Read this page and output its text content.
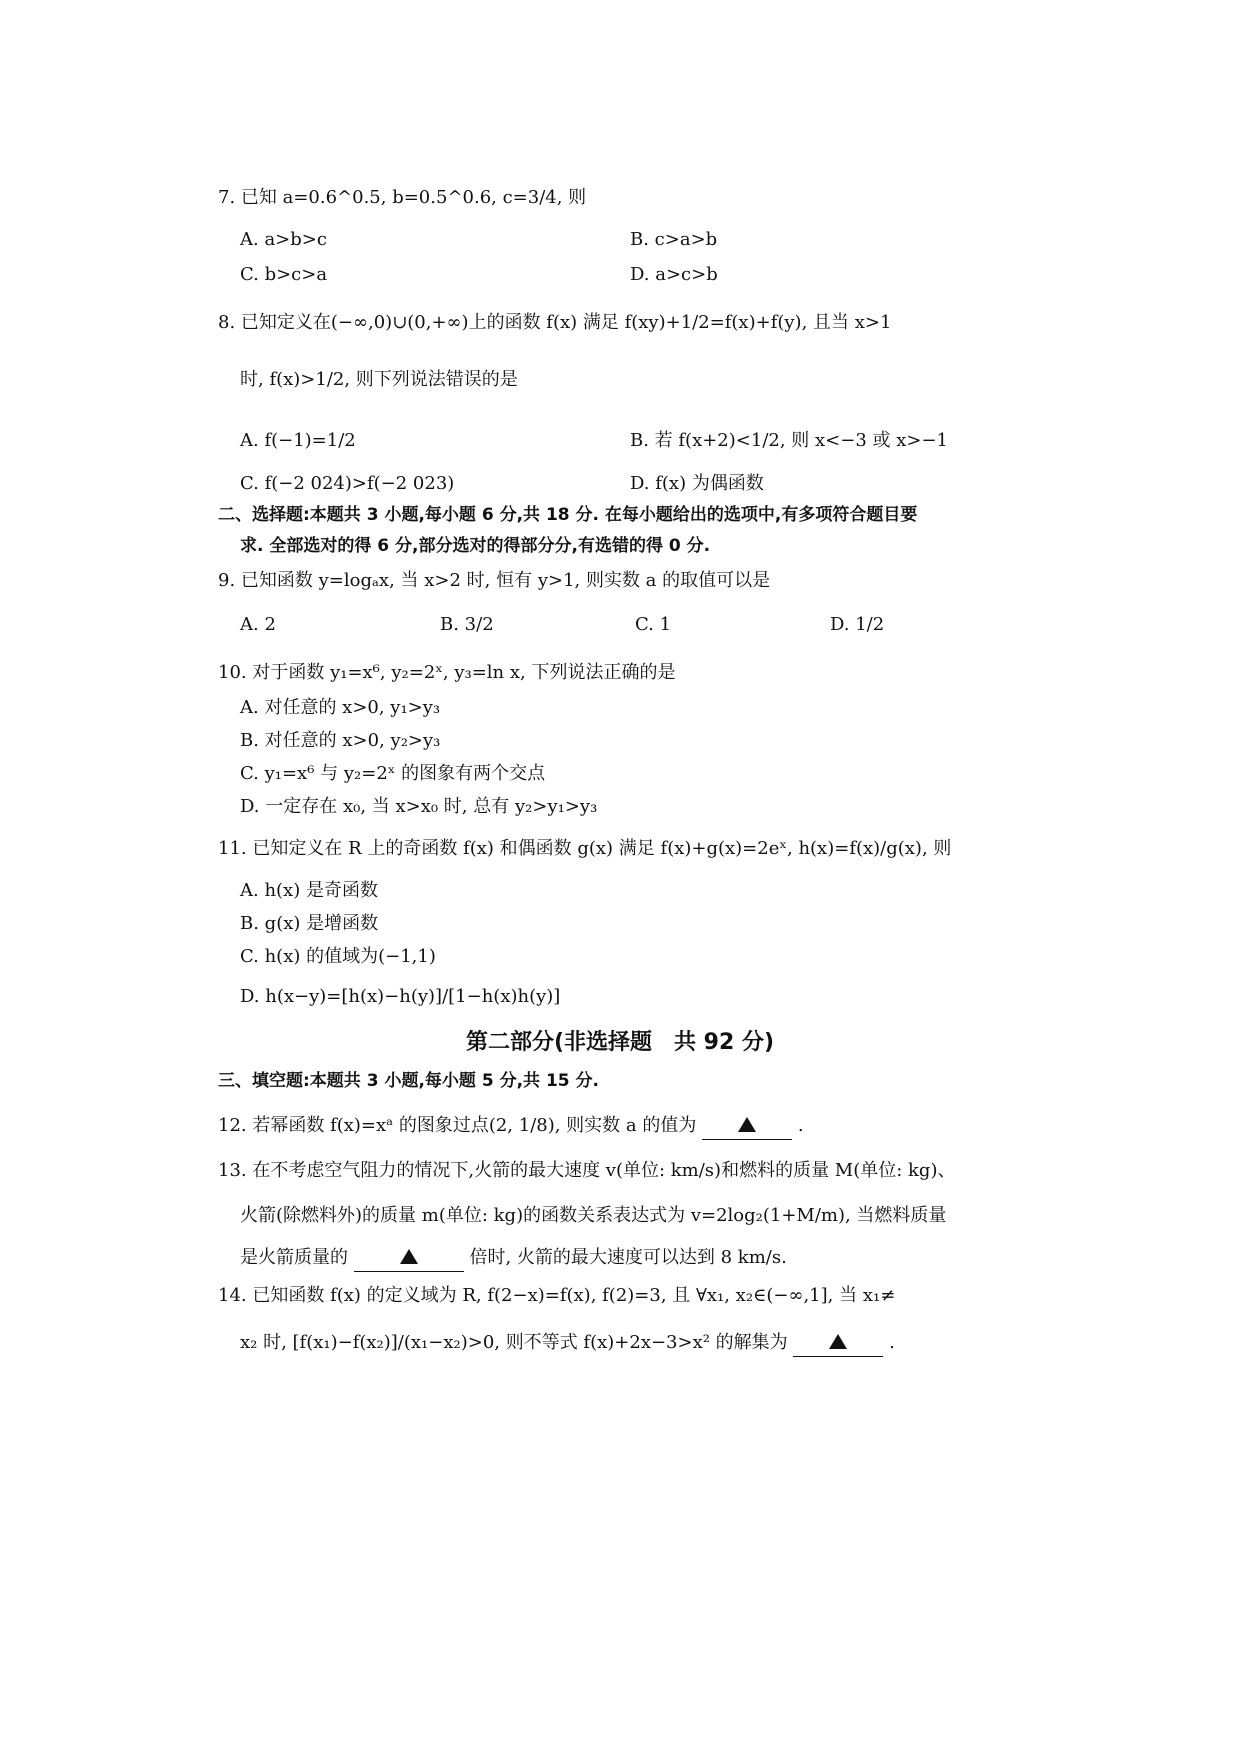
7. 已知 a=0.6^0.5, b=0.5^0.6, c=3/4, 则
A. a>b>c	B. c>a>b
C. b>c>a	D. a>c>b
8. 已知定义在(−∞,0)∪(0,+∞)上的函数 f(x) 满足 f(xy)+1/2=f(x)+f(y), 且当 x>1
时, f(x)>1/2, 则下列说法错误的是
A. f(−1)=1/2	B. 若 f(x+2)<1/2, 则 x<−3 或 x>−1
C. f(−2 024)>f(−2 023)	D. f(x) 为偶函数
二、选择题:本题共 3 小题,每小题 6 分,共 18 分. 在每小题给出的选项中,有多项符合题目要
求. 全部选对的得 6 分,部分选对的得部分分,有选错的得 0 分.
9. 已知函数 y=logₐx, 当 x>2 时, 恒有 y>1, 则实数 a 的取值可以是
A. 2	B. 3/2	C. 1	D. 1/2
10. 对于函数 y₁=x⁶, y₂=2ˣ, y₃=ln x, 下列说法正确的是
A. 对任意的 x>0, y₁>y₃
B. 对任意的 x>0, y₂>y₃
C. y₁=x⁶ 与 y₂=2ˣ 的图象有两个交点
D. 一定存在 x₀, 当 x>x₀ 时, 总有 y₂>y₁>y₃
11. 已知定义在 R 上的奇函数 f(x) 和偶函数 g(x) 满足 f(x)+g(x)=2eˣ, h(x)=f(x)/g(x), 则
A. h(x) 是奇函数
B. g(x) 是增函数
C. h(x) 的值域为(−1,1)
D. h(x−y)=[h(x)−h(y)]/[1−h(x)h(y)]
第二部分(非选择题　共 92 分)
三、填空题:本题共 3 小题,每小题 5 分,共 15 分.
12. 若幂函数 f(x)=xᵃ 的图象过点(2, 1/8), 则实数 a 的值为	.
13. 在不考虑空气阻力的情况下,火箭的最大速度 v(单位: km/s)和燃料的质量 M(单位: kg)、
火箭(除燃料外)的质量 m(单位: kg)的函数关系表达式为 v=2log₂(1+M/m), 当燃料质量
是火箭质量的	倍时, 火箭的最大速度可以达到 8 km/s.
14. 已知函数 f(x) 的定义域为 R, f(2−x)=f(x), f(2)=3, 且 ∀x₁, x₂∈(−∞,1], 当 x₁≠
x₂ 时, [f(x₁)−f(x₂)]/(x₁−x₂)>0, 则不等式 f(x)+2x−3>x² 的解集为	.
